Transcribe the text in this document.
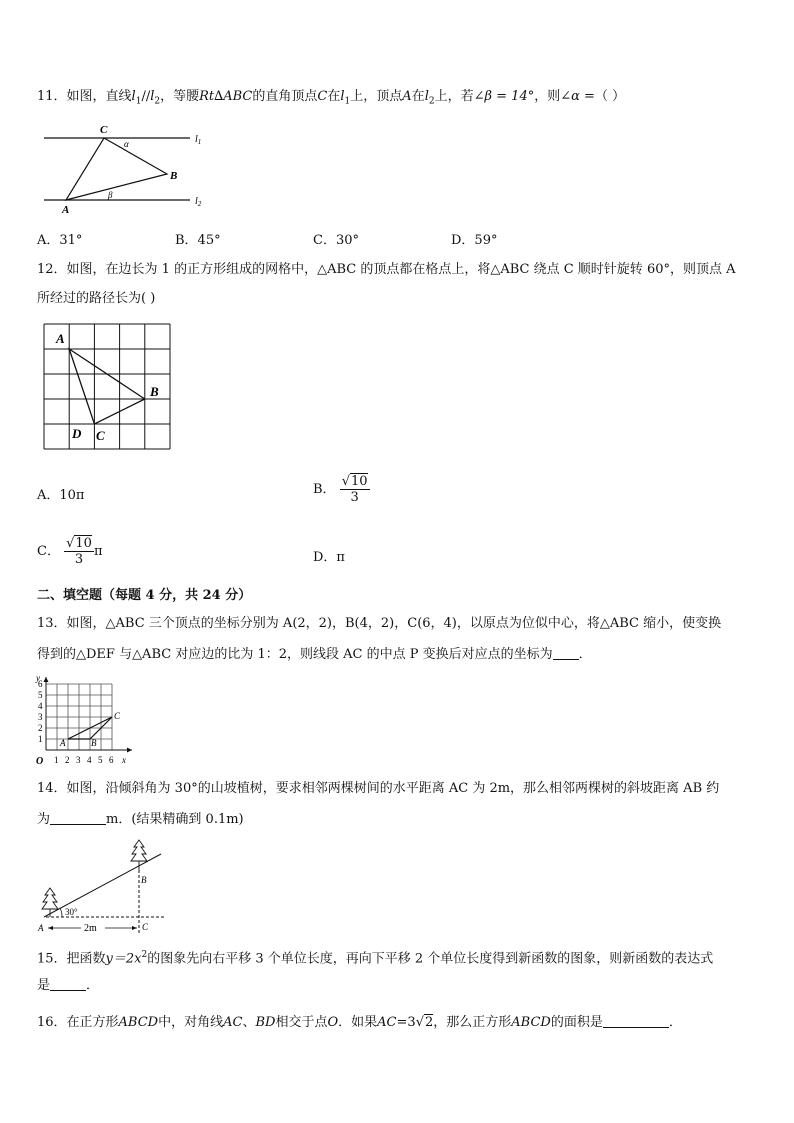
11．如图，直线$l_1//l_2$，等腰Rt∆ABC的直角顶点C在$l_1$上，顶点A在$l_2$上，若∠β = 14°，则∠α =（ ）
C
B
A
α
β
$l_1$
$l_2$
A．31°	B．45°	C．30°	D．59°
12．如图，在边长为 1 的正方形组成的网格中，△ABC 的顶点都在格点上，将△ABC 绕点 C 顺时针旋转 60°，则顶点 A
所经过的路径长为( )
A
B
C
D
A．10π	B． $\frac{√10}{3}$
C． $\frac{√10}{3}$ π	D．π
二、填空题（每题 4 分，共 24 分）
13．如图，△ABC 三个顶点的坐标分别为 A(2，2)，B(4，2)，C(6，4)，以原点为位似中心，将△ABC 缩小，使变换
得到的△DEF 与△ABC 对应边的比为 1：2，则线段 AC 的中点 P 变换后对应点的坐标为 ．
y
x
O
A	B
C
1
2
3
4
5
6
1 2 3 4 5 6
14．如图，沿倾斜角为 30°的山坡植树，要求相邻两棵树间的水平距离 AC 为 2m，那么相邻两棵树的斜坡距离 AB 约
为	m．(结果精确到 0.1m)
30°
A
B
C
2m
15．把函数$y=2x^2$的图象先向右平移 3 个单位长度，再向下平移 2 个单位长度得到新函数的图象，则新函数的表达式
是	．
16．在正方形ABCD中，对角线AC、BD相交于点O．如果AC=3√2，那么正方形ABCD的面积是	．
